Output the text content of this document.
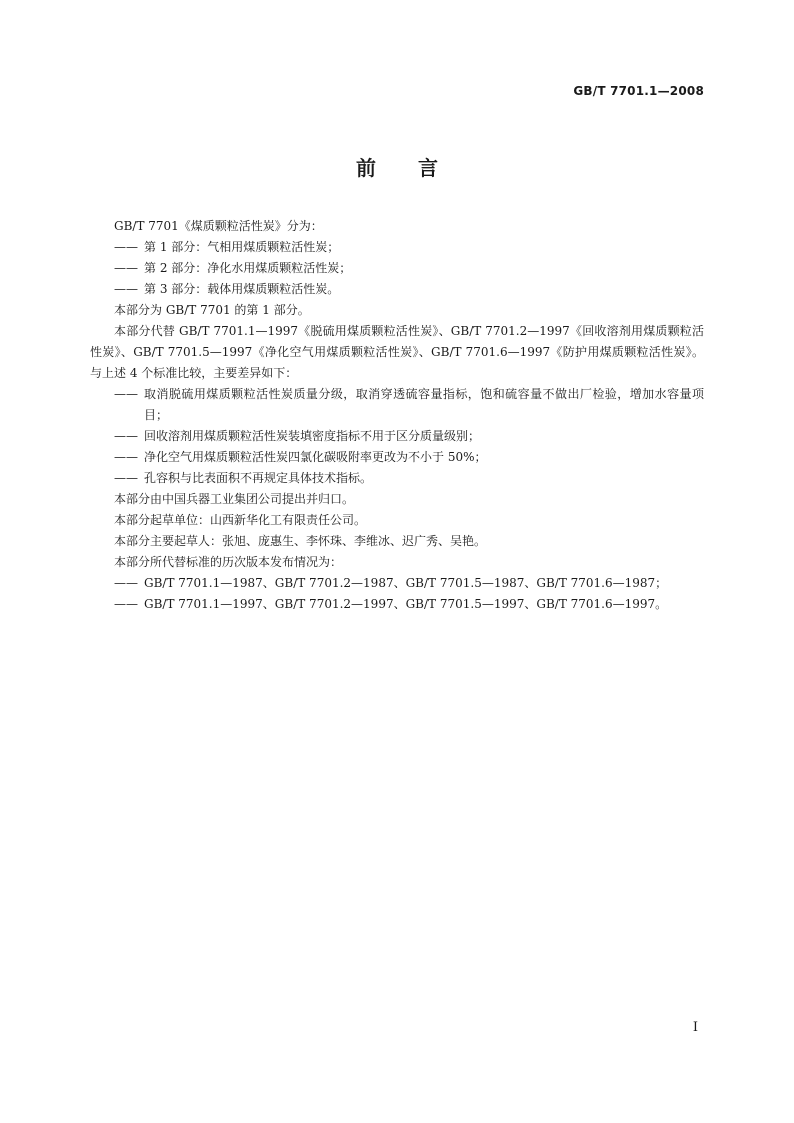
GB/T 7701.1—2008
前言

GB/T 7701《煤质颗粒活性炭》分为：

—— 第 1 部分：气相用煤质颗粒活性炭；

—— 第 2 部分：净化水用煤质颗粒活性炭；

—— 第 3 部分：载体用煤质颗粒活性炭。

本部分为 GB/T 7701 的第 1 部分。

本部分代替 GB/T 7701.1—1997《脱硫用煤质颗粒活性炭》、GB/T 7701.2—1997《回收溶剂用煤质颗粒活性炭》、GB/T 7701.5—1997《净化空气用煤质颗粒活性炭》、GB/T 7701.6—1997《防护用煤质颗粒活性炭》。与上述 4 个标准比较，主要差异如下：

—— 取消脱硫用煤质颗粒活性炭质量分级，取消穿透硫容量指标，饱和硫容量不做出厂检验，增加水容量项目；

—— 回收溶剂用煤质颗粒活性炭装填密度指标不用于区分质量级别；

—— 净化空气用煤质颗粒活性炭四氯化碳吸附率更改为不小于 50%；

—— 孔容积与比表面积不再规定具体技术指标。

本部分由中国兵器工业集团公司提出并归口。

本部分起草单位：山西新华化工有限责任公司。

本部分主要起草人：张旭、庞惠生、李怀珠、李维冰、迟广秀、吴艳。

本部分所代替标准的历次版本发布情况为：

—— GB/T 7701.1—1987、GB/T 7701.2—1987、GB/T 7701.5—1987、GB/T 7701.6—1987；

—— GB/T 7701.1—1997、GB/T 7701.2—1997、GB/T 7701.5—1997、GB/T 7701.6—1997。

I
